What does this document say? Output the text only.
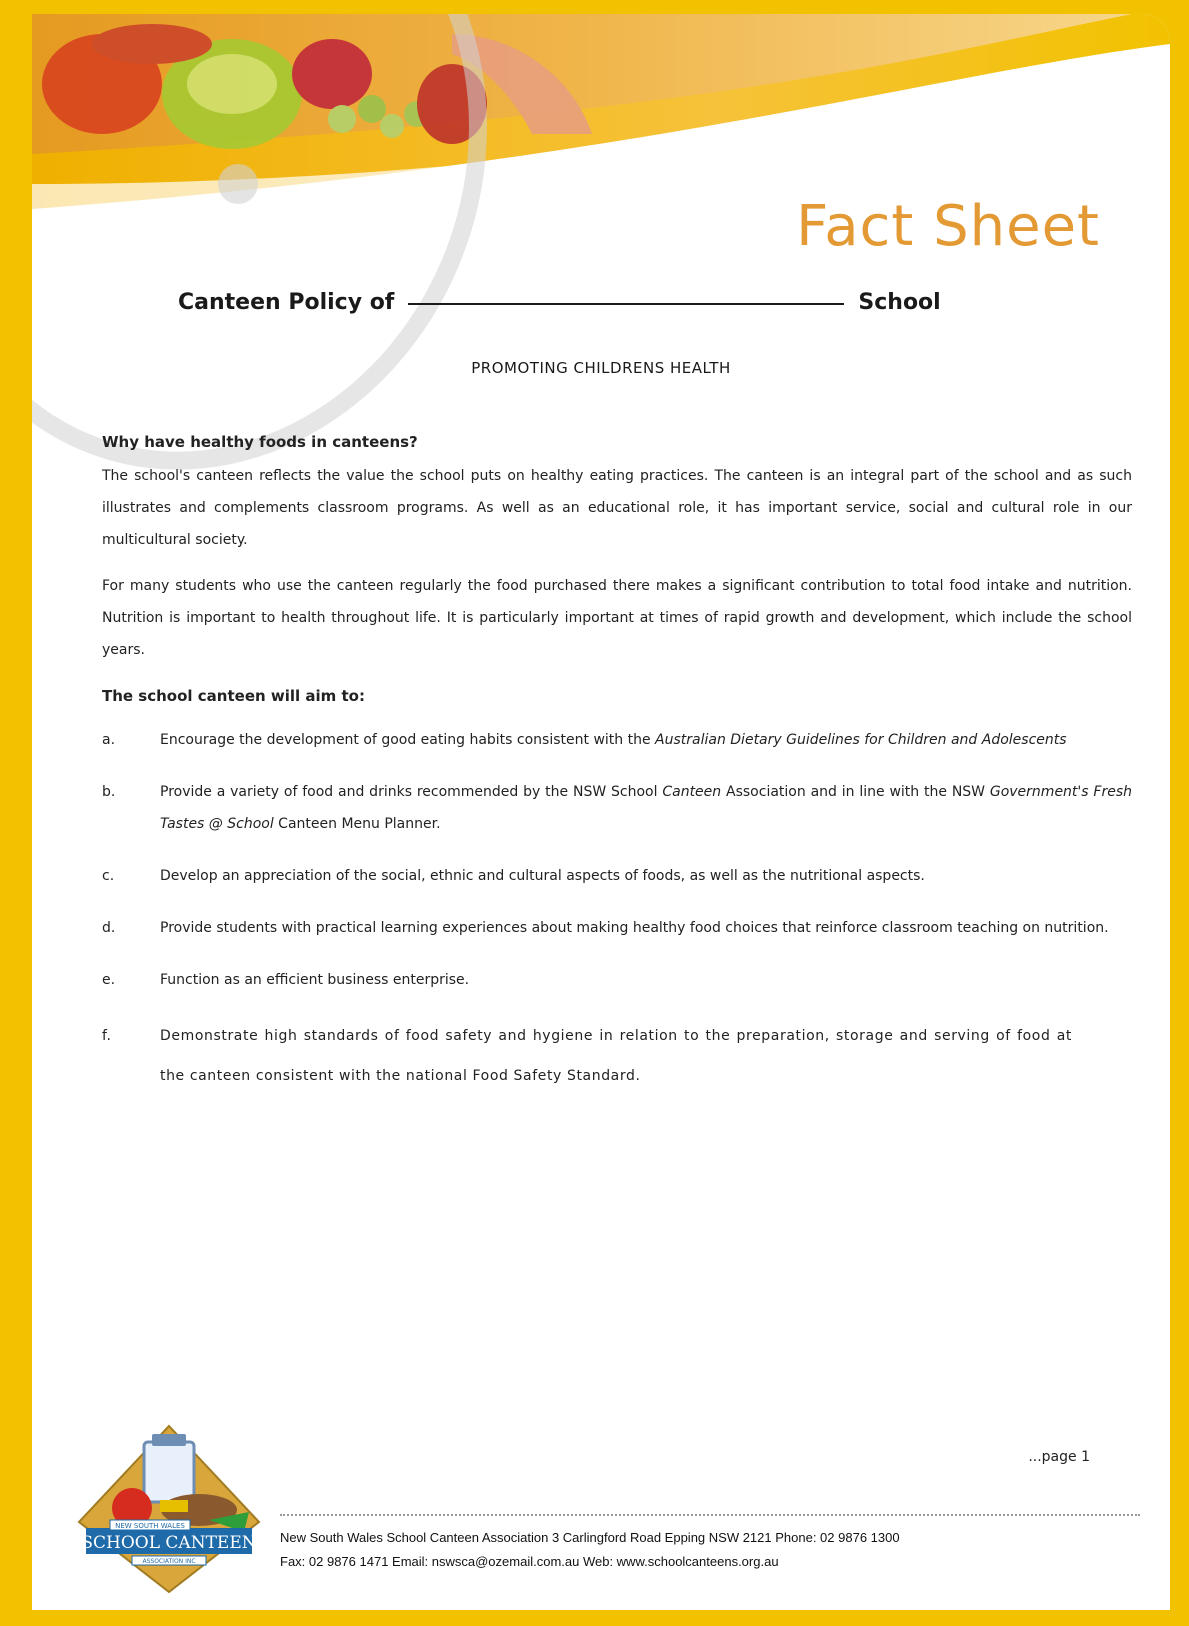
Fact Sheet
Canteen Policy of	School
PROMOTING CHILDRENS HEALTH
Why have healthy foods in canteens?

The school's canteen reflects the value the school puts on healthy eating practices. The canteen is an integral part of the school and as such illustrates and complements classroom programs. As well as an educational role, it has important service, social and cultural role in our multicultural society.

For many students who use the canteen regularly the food purchased there makes a significant contribution to total food intake and nutrition. Nutrition is important to health throughout life. It is particularly important at times of rapid growth and development, which include the school years.

The school canteen will aim to:
a.	Encourage the development of good eating habits consistent with the Australian Dietary Guidelines for Children and Adolescents
b.	Provide a variety of food and drinks recommended by the NSW School Canteen Association and in line with the NSW Government's Fresh Tastes @ School Canteen Menu Planner.
c.	Develop an appreciation of the social, ethnic and cultural aspects of foods, as well as the nutritional aspects.
d.	Provide students with practical learning experiences about making healthy food choices that reinforce classroom teaching on nutrition.
e.	Function as an efficient business enterprise.
f.	Demonstrate high standards of food safety and hygiene in relation to the preparation, storage and serving of food at the canteen consistent with the national Food Safety Standard.
...page 1
NEW SOUTH WALES
SCHOOL CANTEEN
ASSOCIATION INC
New South Wales School Canteen Association 3 Carlingford Road Epping NSW 2121 Phone: 02 9876 1300
Fax: 02 9876 1471 Email: nswsca@ozemail.com.au Web: www.schoolcanteens.org.au
